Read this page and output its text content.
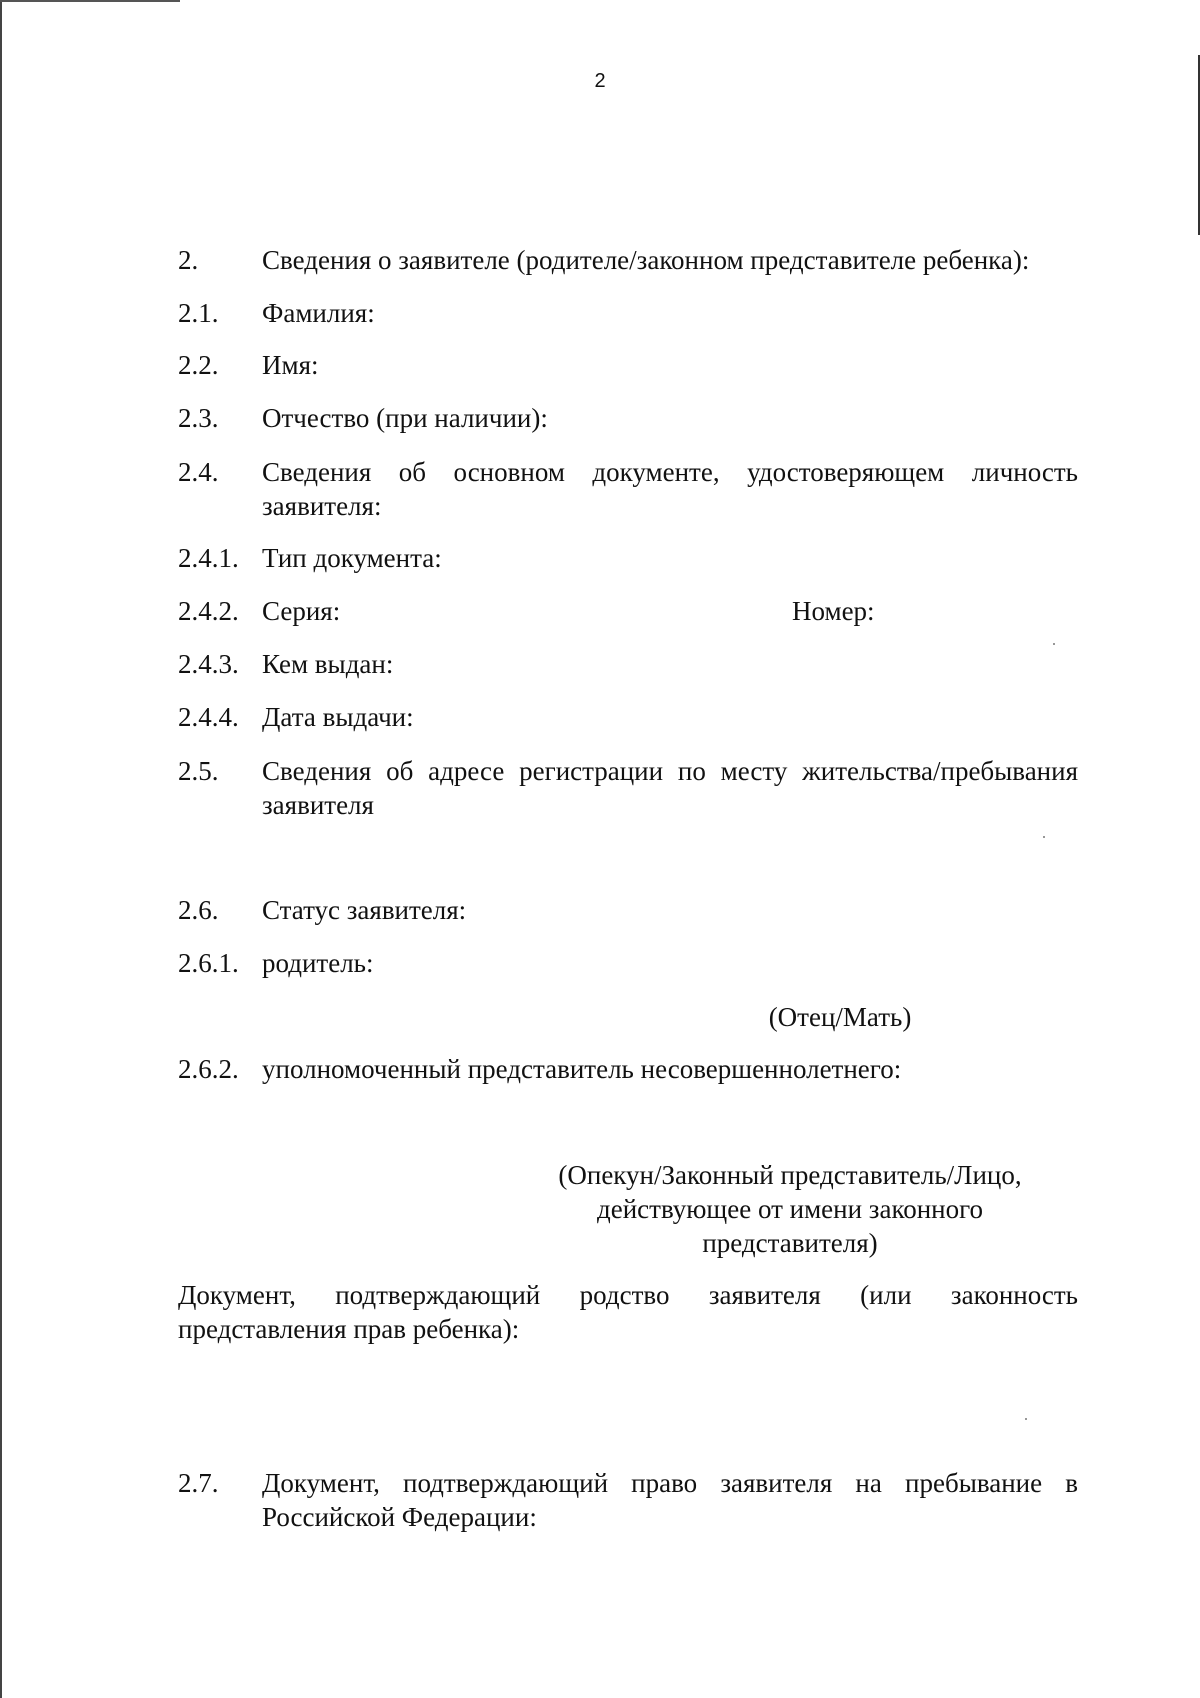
2
2.	Сведения о заявителе (родителе/законном представителе ребенка):
2.1.	Фамилия:
2.2.	Имя:
2.3.	Отчество (при наличии):
2.4.	Сведения об основном документе, удостоверяющем личность заявителя:
2.4.1. Тип документа:
2.4.2. Серия:	Номер:
2.4.3. Кем выдан:
2.4.4. Дата выдачи:
2.5.	Сведения об адресе регистрации по месту жительства/пребывания заявителя
2.6.	Статус заявителя:
2.6.1. родитель:
(Отец/Мать)
2.6.2. уполномоченный представитель несовершеннолетнего:
(Опекун/Законный представитель/Лицо, действующее от имени законного представителя)
Документ, подтверждающий родство заявителя (или законность представления прав ребенка):
2.7.	Документ, подтверждающий право заявителя на пребывание в Российской Федерации:
